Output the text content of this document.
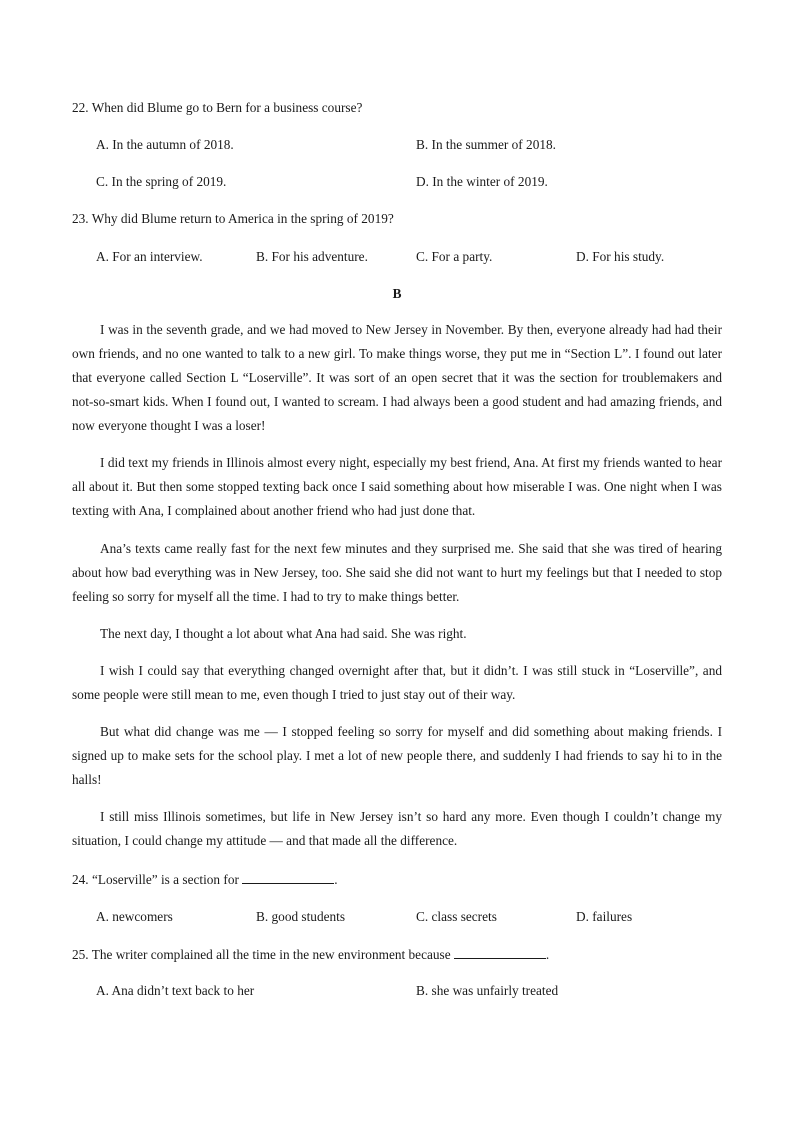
22. When did Blume go to Bern for a business course?
A. In the autumn of 2018.	B. In the summer of 2018.
C. In the spring of 2019.	D. In the winter of 2019.
23. Why did Blume return to America in the spring of 2019?
A. For an interview.	B. For his adventure.	C. For a party.	D. For his study.
B
I was in the seventh grade, and we had moved to New Jersey in November. By then, everyone already had had their own friends, and no one wanted to talk to a new girl. To make things worse, they put me in “Section L”. I found out later that everyone called Section L “Loserville”. It was sort of an open secret that it was the section for troublemakers and not-so-smart kids. When I found out, I wanted to scream. I had always been a good student and had amazing friends, and now everyone thought I was a loser!
I did text my friends in Illinois almost every night, especially my best friend, Ana. At first my friends wanted to hear all about it. But then some stopped texting back once I said something about how miserable I was. One night when I was texting with Ana, I complained about another friend who had just done that.
Ana’s texts came really fast for the next few minutes and they surprised me. She said that she was tired of hearing about how bad everything was in New Jersey, too. She said she did not want to hurt my feelings but that I needed to stop feeling so sorry for myself all the time. I had to try to make things better.
The next day, I thought a lot about what Ana had said. She was right.
I wish I could say that everything changed overnight after that, but it didn’t. I was still stuck in “Loserville”, and some people were still mean to me, even though I tried to just stay out of their way.
But what did change was me — I stopped feeling so sorry for myself and did something about making friends. I signed up to make sets for the school play. I met a lot of new people there, and suddenly I had friends to say hi to in the halls!
I still miss Illinois sometimes, but life in New Jersey isn’t so hard any more. Even though I couldn’t change my situation, I could change my attitude — and that made all the difference.
24. “Loserville” is a section for	.
A. newcomers	B. good students	C. class secrets	D. failures
25. The writer complained all the time in the new environment because	.
A. Ana didn’t text back to her	B. she was unfairly treated
